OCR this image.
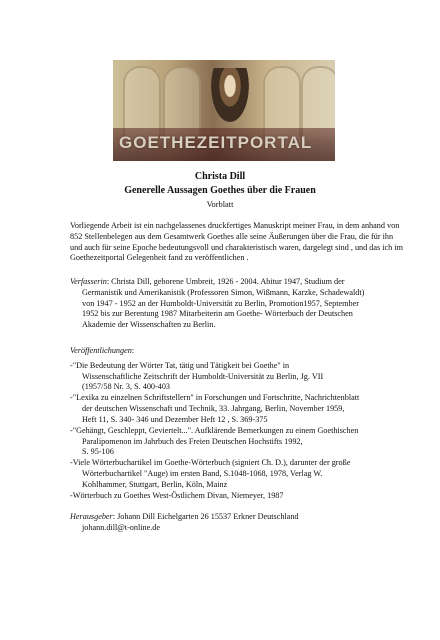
GOETHEZEITPORTAL
Christa Dill
Generelle Aussagen Goethes über die Frauen
Vorblatt

Vorliegende Arbeit ist ein nachgelassenes druckfertiges Manuskript meiner Frau, in dem anhand von 852 Stellenbelegen aus dem Gesamtwerk Goethes alle seine Äußerungen über die Frau, die für ihn und auch für seine Epoche bedeutungsvoll und charakteristisch waren, dargelegt sind , und das ich im Goethezeitportal Gelegenheit fand zu veröffentlichen .

Verfasserin: Christa Dill, geborene Umbreit, 1926 - 2004. Abitur 1947, Studium der
Germanistik und Amerikanistik (Professoren Simon, Wißmann, Karzke, Schadewaldt)
von 1947 - 1952 an der Humboldt-Universität zu Berlin, Promotion1957, September
1952 bis zur Berentung 1987 Mitarbeiterin am Goethe- Wörterbuch der Deutschen
Akademie der Wissenschaften zu Berlin.
Veröffentlichungen:
-"Die Bedeutung der Wörter Tat, tätig und Tätigkeit bei Goethe" in
Wissenschaftliche Zeitschrift der Humboldt-Universität zu Berlin, Jg. VII
(1957/58 Nr. 3, S. 400-403
-"Lexika zu einzelnen Schriftstellern" in Forschungen und Fortschritte, Nachrichtenblatt
der deutschen Wissenschaft und Technik, 33. Jahrgang, Berlin, November 1959,
Heft 11, S. 340- 346 und Dezember Heft 12 , S. 369-375
-"Gehängt, Geschleppt, Geviertelt...". Aufklärende Bemerkungen zu einem Goethischen
Paralipomenon im Jahrbuch des Freien Deutschen Hochstifts 1992,
S. 95-106
-Viele Wörterbuchartikel im Goethe-Wörterbuch (signiert Ch. D.), darunter der große
Wörterbuchartikel "Auge) im ersten Band, S.1048-1068, 1978, Verlag W.
Kohlhammer, Stuttgart, Berlin, Köln, Mainz
-Wörterbuch zu Goethes West-Östlichem Divan, Niemeyer, 1987
Herausgeber: Johann Dill Eichelgarten 26 15537 Erkner Deutschland
johann.dill@t-online.de
